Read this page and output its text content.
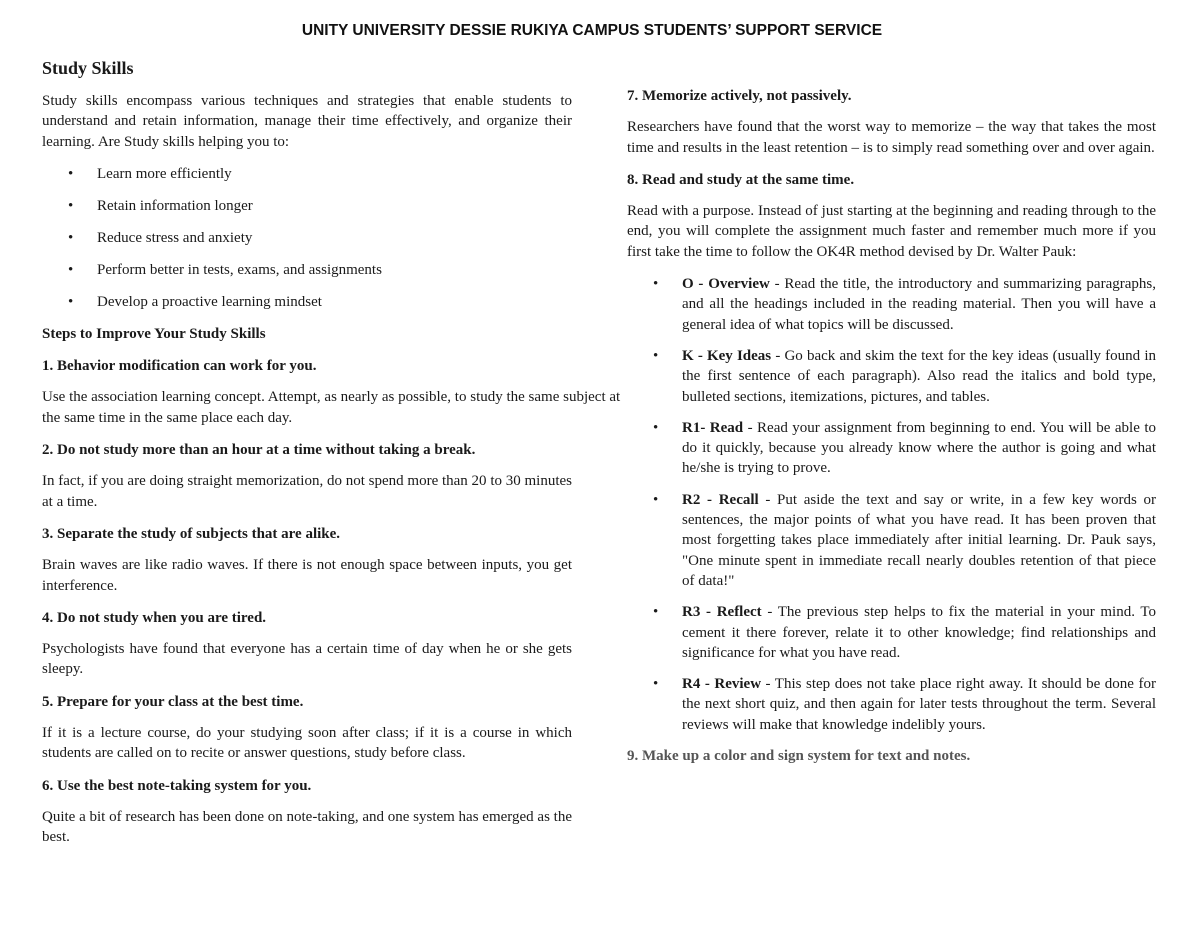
UNITY UNIVERSITY DESSIE RUKIYA CAMPUS STUDENTS’ SUPPORT SERVICE
Study Skills

Study skills encompass various techniques and strategies that enable students to understand and retain information, manage their time effectively, and organize their learning. Are Study skills helping you to:

• Learn more efficiently
• Retain information longer
• Reduce stress and anxiety
• Perform better in tests, exams, and assignments
• Develop a proactive learning mindset
Steps to Improve Your Study Skills
1. Behavior modification can work for you.

Use the association learning concept. Attempt, as nearly as possible, to study the same subject at the same time in the same place each day.

2. Do not study more than an hour at a time without taking a break.

In fact, if you are doing straight memorization, do not spend more than 20 to 30 minutes at a time.

3. Separate the study of subjects that are alike.

Brain waves are like radio waves. If there is not enough space between inputs, you get interference.

4. Do not study when you are tired.

Psychologists have found that everyone has a certain time of day when he or she gets sleepy.

5. Prepare for your class at the best time.

If it is a lecture course, do your studying soon after class; if it is a course in which students are called on to recite or answer questions, study before class.

6. Use the best note-taking system for you.

Quite a bit of research has been done on note-taking, and one system has emerged as the best.

7. Memorize actively, not passively.

Researchers have found that the worst way to memorize – the way that takes the most time and results in the least retention – is to simply read something over and over again.

8. Read and study at the same time.

Read with a purpose. Instead of just starting at the beginning and reading through to the end, you will complete the assignment much faster and remember much more if you first take the time to follow the OK4R method devised by Dr. Walter Pauk:

• O - Overview - Read the title, the introductory and summarizing paragraphs, and all the headings included in the reading material. Then you will have a general idea of what topics will be discussed.
• K - Key Ideas - Go back and skim the text for the key ideas (usually found in the first sentence of each paragraph). Also read the italics and bold type, bulleted sections, itemizations, pictures, and tables.
• R1- Read - Read your assignment from beginning to end. You will be able to do it quickly, because you already know where the author is going and what he/she is trying to prove.
• R2 - Recall - Put aside the text and say or write, in a few key words or sentences, the major points of what you have read. It has been proven that most forgetting takes place immediately after initial learning. Dr. Pauk says, "One minute spent in immediate recall nearly doubles retention of that piece of data!"
• R3 - Reflect - The previous step helps to fix the material in your mind. To cement it there forever, relate it to other knowledge; find relationships and significance for what you have read.
• R4 - Review - This step does not take place right away. It should be done for the next short quiz, and then again for later tests throughout the term. Several reviews will make that knowledge indelibly yours.
9. Make up a color and sign system for text and notes.
